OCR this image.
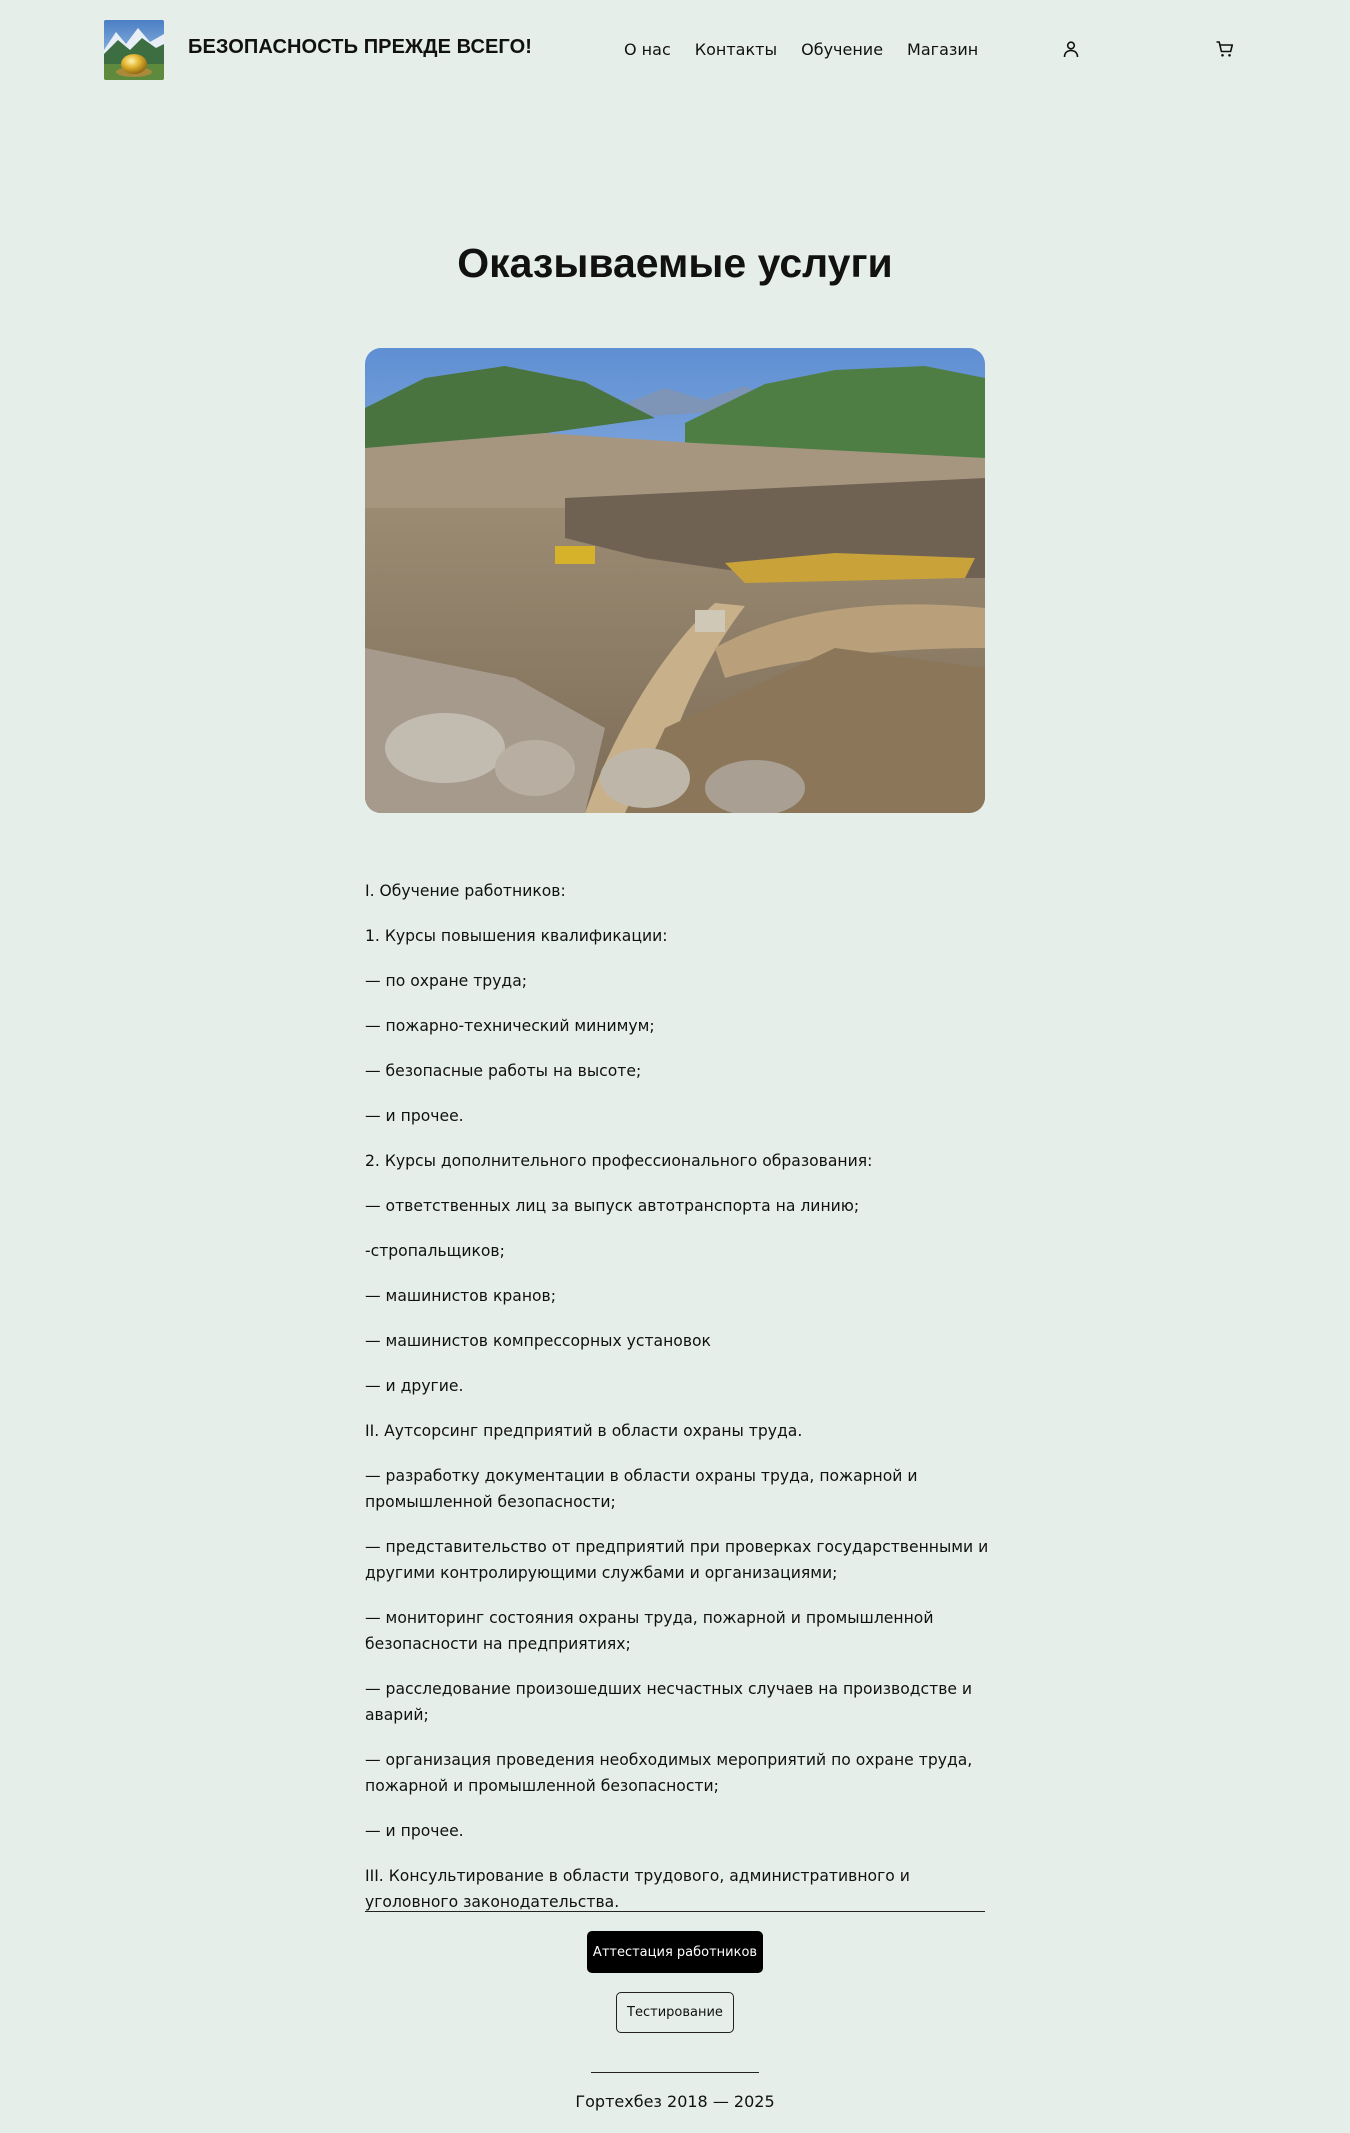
БЕЗОПАСНОСТЬ ПРЕЖДЕ ВСЕГО!	О нас Контакты Обучение Магазин
Оказываемые услуги

I. Обучение работников:

1. Курсы повышения квалификации:

— по охране труда;

— пожарно-технический минимум;

— безопасные работы на высоте;

— и прочее.

2. Курсы дополнительного профессионального образования:

— ответственных лиц за выпуск автотранспорта на линию;

-стропальщиков;

— машинистов кранов;

— машинистов компрессорных установок

— и другие.

II. Аутсорсинг предприятий в области охраны труда.

— разработку документации в области охраны труда, пожарной и промышленной безопасности;

— представительство от предприятий при проверках государственными и другими контролирующими службами и организациями;

— мониторинг состояния охраны труда, пожарной и промышленной безопасности на предприятиях;

— расследование произошедших несчастных случаев на производстве и аварий;

— организация проведения необходимых мероприятий по охране труда, пожарной и промышленной безопасности;

— и прочее.

III. Консультирование в области трудового, административного и уголовного законодательства.

Аттестация работников
Тестирование
Гортехбез 2018 — 2025
